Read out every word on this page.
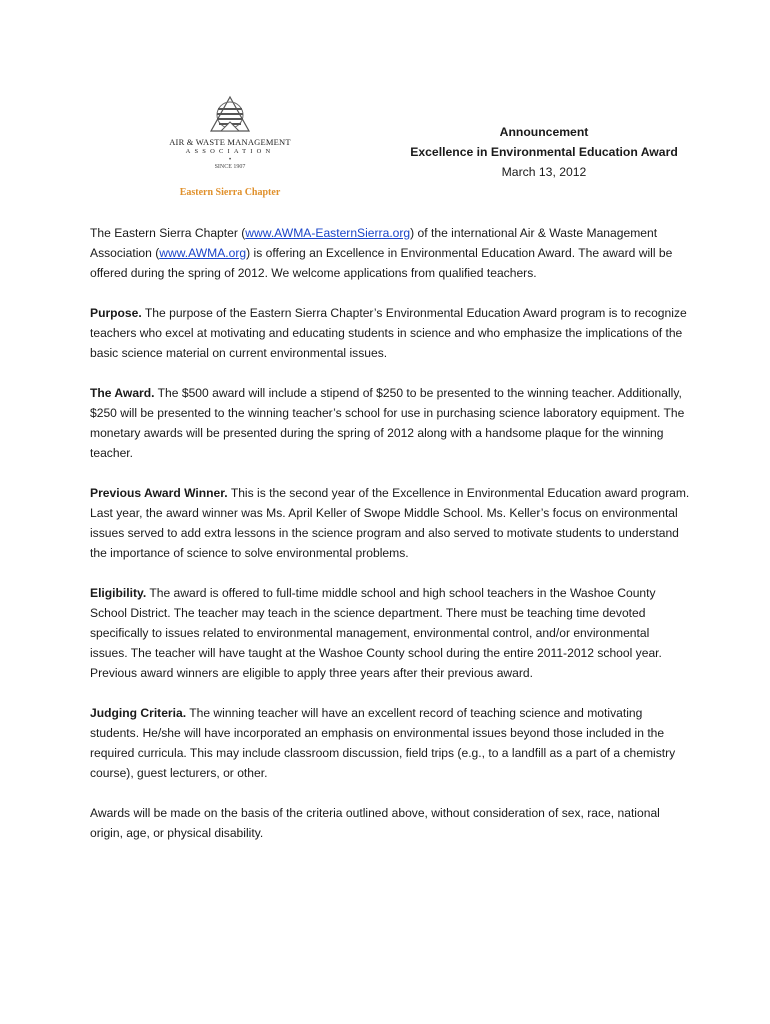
AIR & WASTE MANAGEMENT
ASSOCIATION
•
SINCE 1907
Eastern Sierra Chapter
Announcement
Excellence in Environmental Education Award
March 13, 2012

The Eastern Sierra Chapter (www.AWMA-EasternSierra.org) of the international Air & Waste Management Association (www.AWMA.org) is offering an Excellence in Environmental Education Award. The award will be offered during the spring of 2012. We welcome applications from qualified teachers.

Purpose. The purpose of the Eastern Sierra Chapter’s Environmental Education Award program is to recognize teachers who excel at motivating and educating students in science and who emphasize the implications of the basic science material on current environmental issues.

The Award. The $500 award will include a stipend of $250 to be presented to the winning teacher. Additionally, $250 will be presented to the winning teacher’s school for use in purchasing science laboratory equipment. The monetary awards will be presented during the spring of 2012 along with a handsome plaque for the winning teacher.

Previous Award Winner. This is the second year of the Excellence in Environmental Education award program. Last year, the award winner was Ms. April Keller of Swope Middle School. Ms. Keller’s focus on environmental issues served to add extra lessons in the science program and also served to motivate students to understand the importance of science to solve environmental problems.

Eligibility. The award is offered to full-time middle school and high school teachers in the Washoe County School District. The teacher may teach in the science department. There must be teaching time devoted specifically to issues related to environmental management, environmental control, and/or environmental issues. The teacher will have taught at the Washoe County school during the entire 2011-2012 school year. Previous award winners are eligible to apply three years after their previous award.

Judging Criteria. The winning teacher will have an excellent record of teaching science and motivating students. He/she will have incorporated an emphasis on environmental issues beyond those included in the required curricula. This may include classroom discussion, field trips (e.g., to a landfill as a part of a chemistry course), guest lecturers, or other.

Awards will be made on the basis of the criteria outlined above, without consideration of sex, race, national origin, age, or physical disability.
